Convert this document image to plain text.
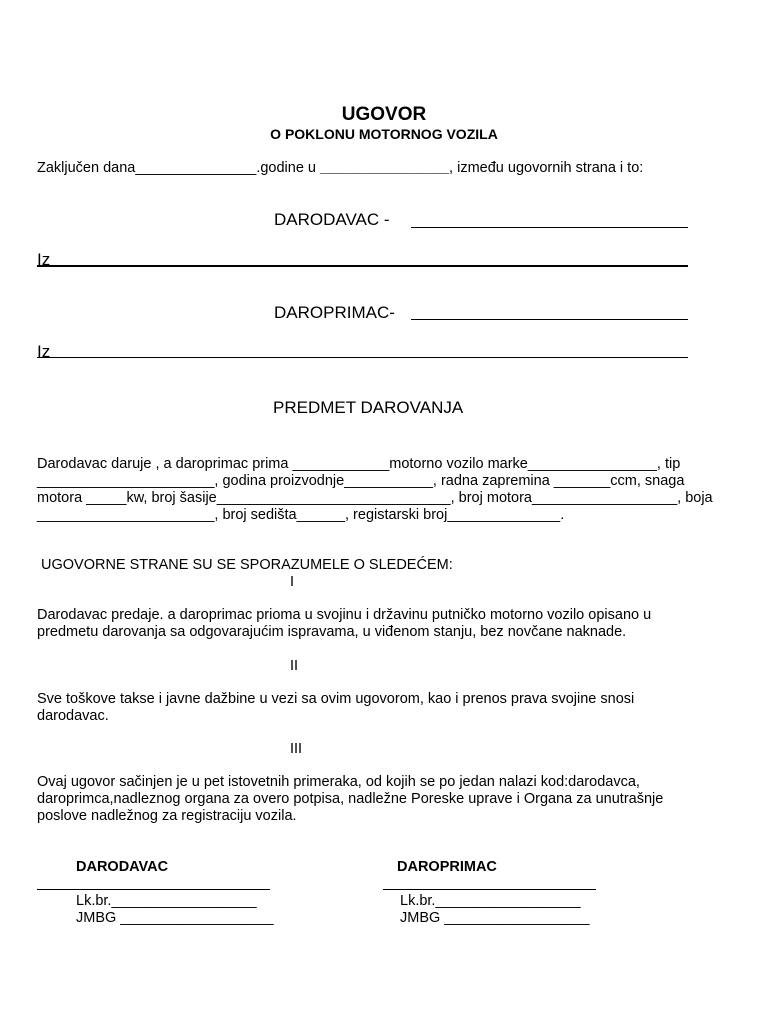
UGOVOR
O POKLONU MOTORNOG VOZILA
Zaključen dana_______________.godine u ________________, između ugovornih strana i to:
DARODAVAC -
Iz
DAROPRIMAC-
Iz
PREDMET DAROVANJA
Darodavac daruje , a daroprimac prima ____________motorno vozilo marke________________, tip
______________________, godina proizvodnje___________, radna zapremina _______ccm, snaga
motora _____kw, broj šasije_____________________________, broj motora__________________, boja
______________________, broj sedišta______, registarski broj______________.
UGOVORNE STRANE SU SE SPORAZUMELE O SLEDEĆEM:
I
Darodavac predaje. a daroprimac prioma u svojinu i državinu putničko motorno vozilo opisano u
predmetu darovanja sa odgovarajućim ispravama, u viđenom stanju, bez novčane naknade.
II
Sve toškove takse i javne dažbine u vezi sa ovim ugovorom, kao i prenos prava svojine snosi
darodavac.
III
Ovaj ugovor sačinjen je u pet istovetnih primeraka, od kojih se po jedan nalazi kod:darodavca,
daroprimca,nadleznog organa za overo potpisa, nadležne Poreske uprave i Organa za unutrašnje
poslove nadležnog za registraciju vozila.
DARODAVAC
Lk.br.__________________
JMBG ___________________
DAROPRIMAC
Lk.br.__________________
JMBG __________________
